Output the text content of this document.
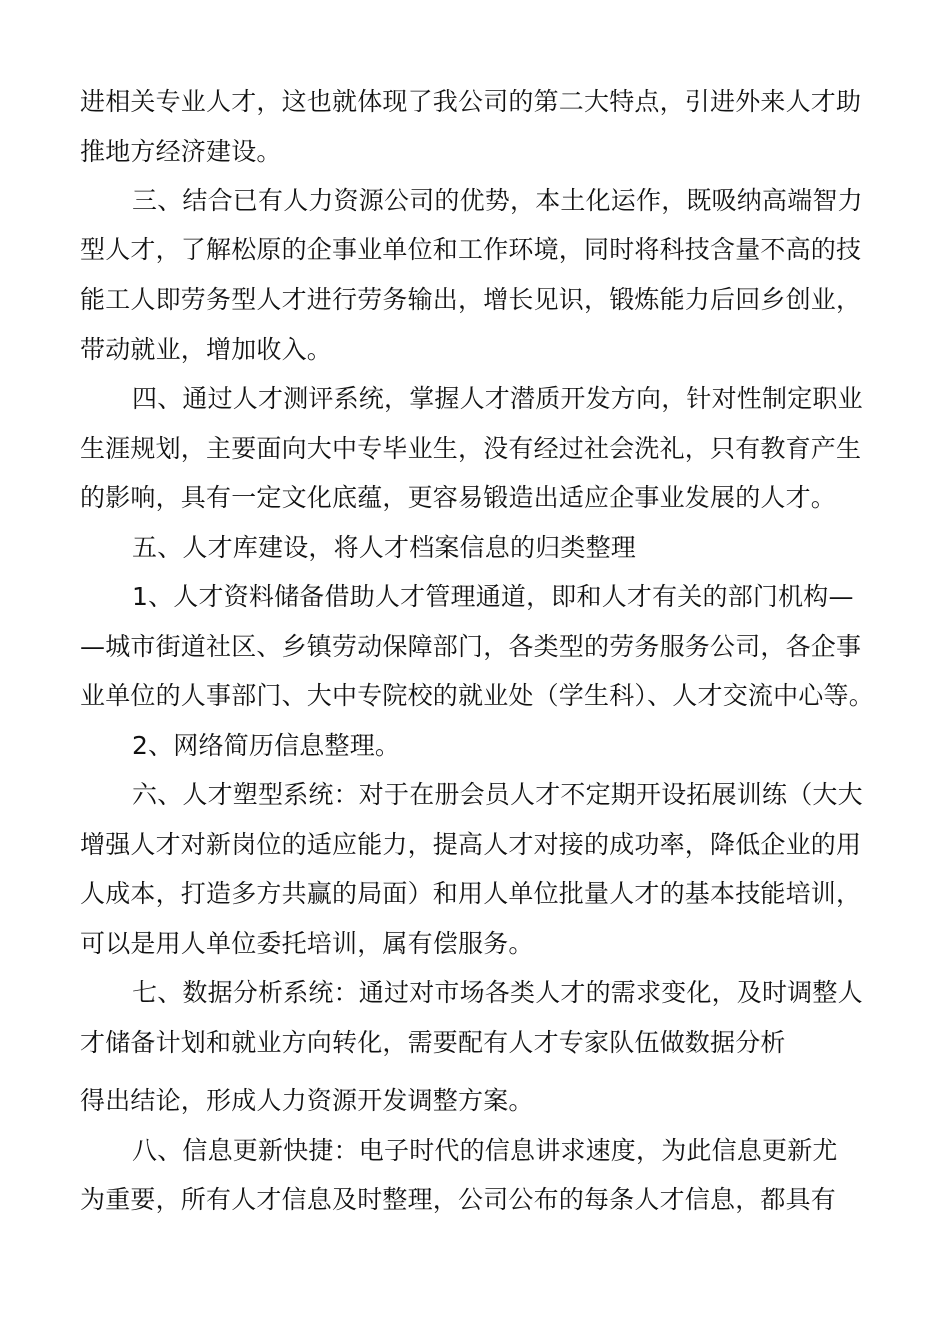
进相关专业人才，这也就体现了我公司的第二大特点，引进外来人才助
推地方经济建设。
三、结合已有人力资源公司的优势，本土化运作，既吸纳高端智力
型人才，了解松原的企事业单位和工作环境，同时将科技含量不高的技
能工人即劳务型人才进行劳务输出，增长见识，锻炼能力后回乡创业，
带动就业，增加收入。
四、通过人才测评系统，掌握人才潜质开发方向，针对性制定职业
生涯规划，主要面向大中专毕业生，没有经过社会洗礼，只有教育产生
的影响，具有一定文化底蕴，更容易锻造出适应企事业发展的人才。
五、人才库建设，将人才档案信息的归类整理
1、人才资料储备借助人才管理通道，即和人才有关的部门机构—
—城市街道社区、乡镇劳动保障部门，各类型的劳务服务公司，各企事
业单位的人事部门、大中专院校的就业处（学生科）、人才交流中心等。
2、网络简历信息整理。
六、人才塑型系统：对于在册会员人才不定期开设拓展训练（大大
增强人才对新岗位的适应能力，提高人才对接的成功率，降低企业的用
人成本，打造多方共赢的局面）和用人单位批量人才的基本技能培训，
可以是用人单位委托培训，属有偿服务。
七、数据分析系统：通过对市场各类人才的需求变化，及时调整人
才储备计划和就业方向转化，需要配有人才专家队伍做数据分析
得出结论，形成人力资源开发调整方案。
八、信息更新快捷：电子时代的信息讲求速度，为此信息更新尤
为重要，所有人才信息及时整理，公司公布的每条人才信息，都具有
